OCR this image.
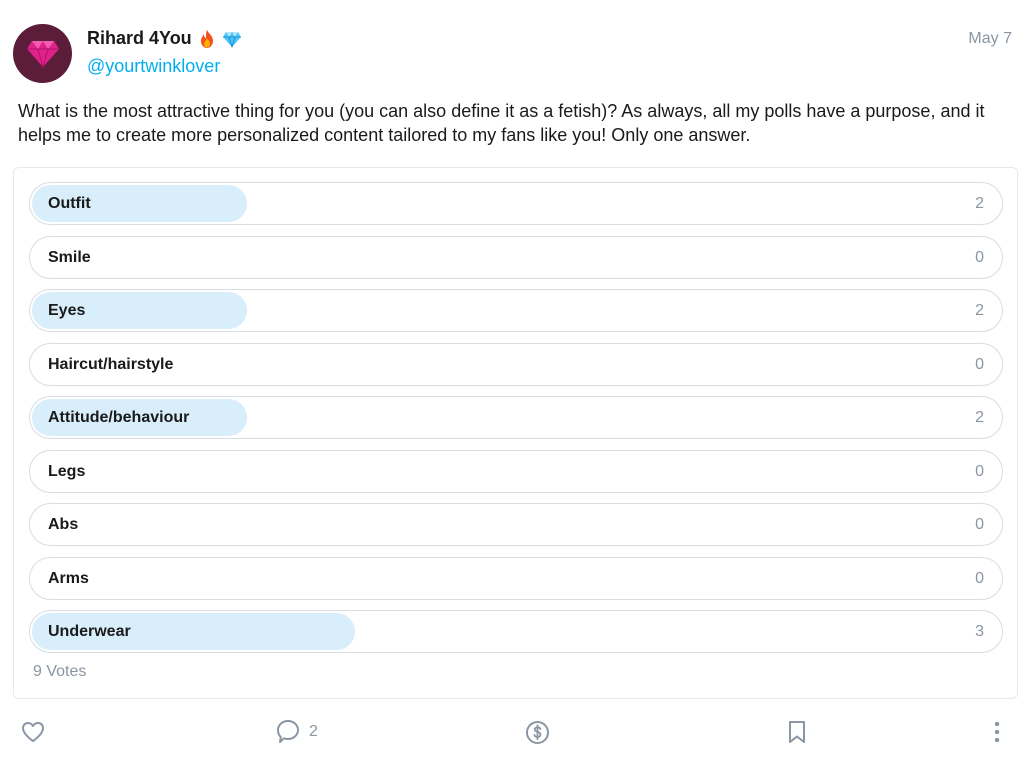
Rihard 4You
@yourtwinklover
May 7
What is the most attractive thing for you (you can also define it as a fetish)? As always, all my polls have a purpose, and it helps me to create more personalized content tailored to my fans like you! Only one answer.
Outfit	2
Smile	0
Eyes	2
Haircut/hairstyle	0
Attitude/behaviour	2
Legs	0
Abs	0
Arms	0
Underwear	3
9 Votes
2
